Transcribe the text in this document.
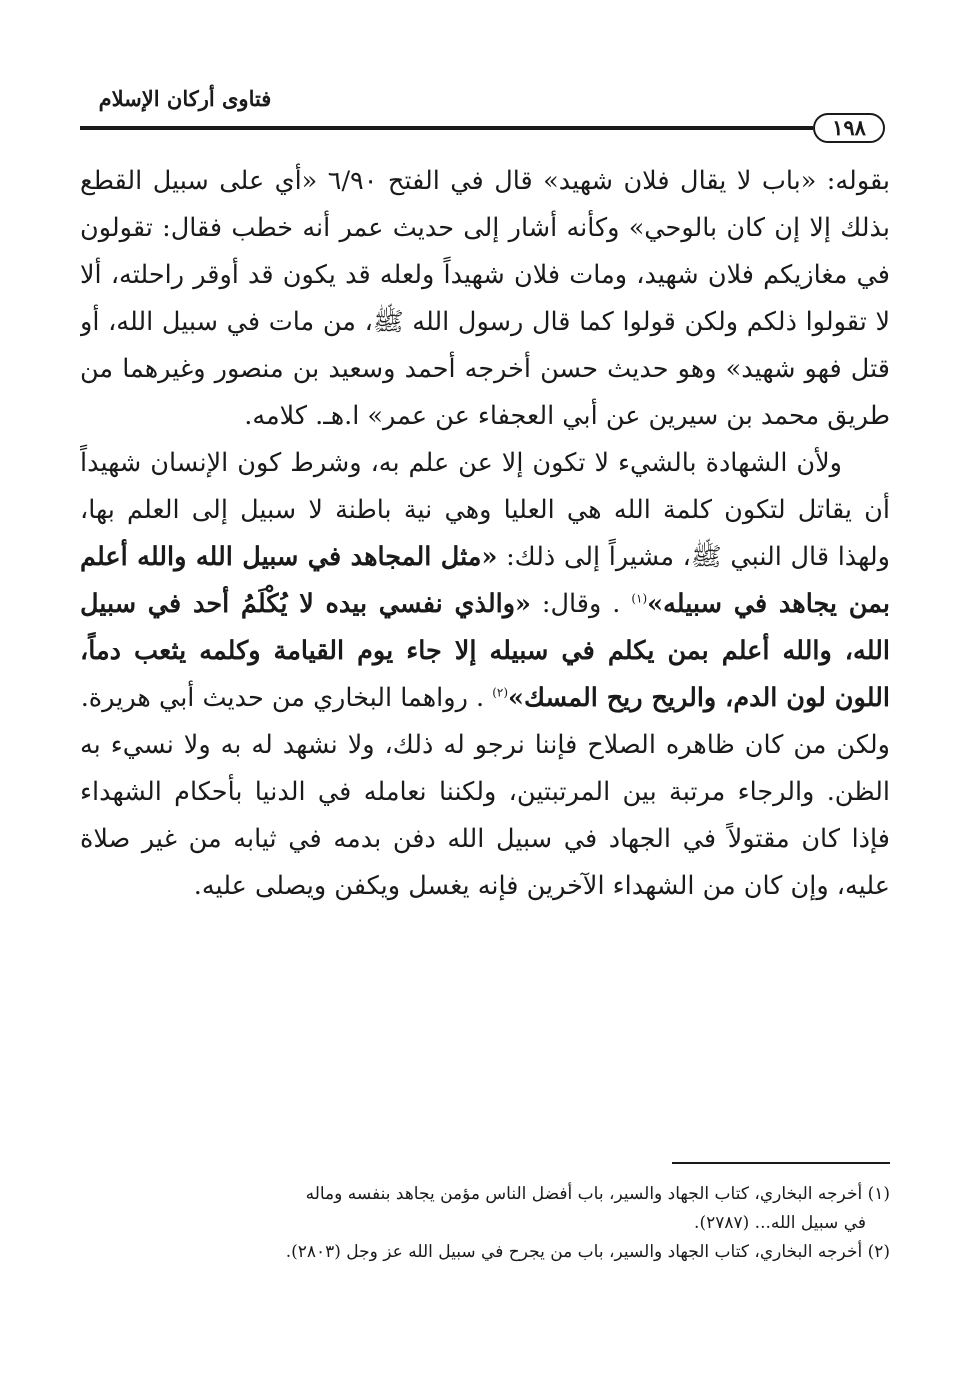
فتاوى أركان الإسلام
١٩٨

بقوله: «باب لا يقال فلان شهيد» قال في الفتح ٦/٩٠ «أي على سبيل القطع بذلك إلا إن كان بالوحي» وكأنه أشار إلى حديث عمر أنه خطب فقال: تقولون في مغازيكم فلان شهيد، ومات فلان شهيداً ولعله قد يكون قد أوقر راحلته، ألا لا تقولوا ذلكم ولكن قولوا كما قال رسول الله ﷺ، من مات في سبيل الله، أو قتل فهو شهيد» وهو حديث حسن أخرجه أحمد وسعيد بن منصور وغيرهما من طريق محمد بن سيرين عن أبي العجفاء عن عمر» ا.هـ. كلامه.

ولأن الشهادة بالشيء لا تكون إلا عن علم به، وشرط كون الإنسان شهيداً أن يقاتل لتكون كلمة الله هي العليا وهي نية باطنة لا سبيل إلى العلم بها، ولهذا قال النبي ﷺ، مشيراً إلى ذلك: «مثل المجاهد في سبيل الله والله أعلم بمن يجاهد في سبيله»$^{(١)}$ . وقال: «والذي نفسي بيده لا يُكْلَمُ أحد في سبيل الله، والله أعلم بمن يكلم في سبيله إلا جاء يوم القيامة وكلمه يثعب دماً، اللون لون الدم، والريح ريح المسك»$^{(٢)}$ . رواهما البخاري من حديث أبي هريرة.

ولكن من كان ظاهره الصلاح فإننا نرجو له ذلك، ولا نشهد له به ولا نسيء به الظن. والرجاء مرتبة بين المرتبتين، ولكننا نعامله في الدنيا بأحكام الشهداء فإذا كان مقتولاً في الجهاد في سبيل الله دفن بدمه في ثيابه من غير صلاة عليه، وإن كان من الشهداء الآخرين فإنه يغسل ويكفن ويصلى عليه.

(١) أخرجه البخاري، كتاب الجهاد والسير، باب أفضل الناس مؤمن يجاهد بنفسه وماله

في سبيل الله... (٢٧٨٧).

(٢) أخرجه البخاري، كتاب الجهاد والسير، باب من يجرح في سبيل الله عز وجل (٢٨٠٣).
